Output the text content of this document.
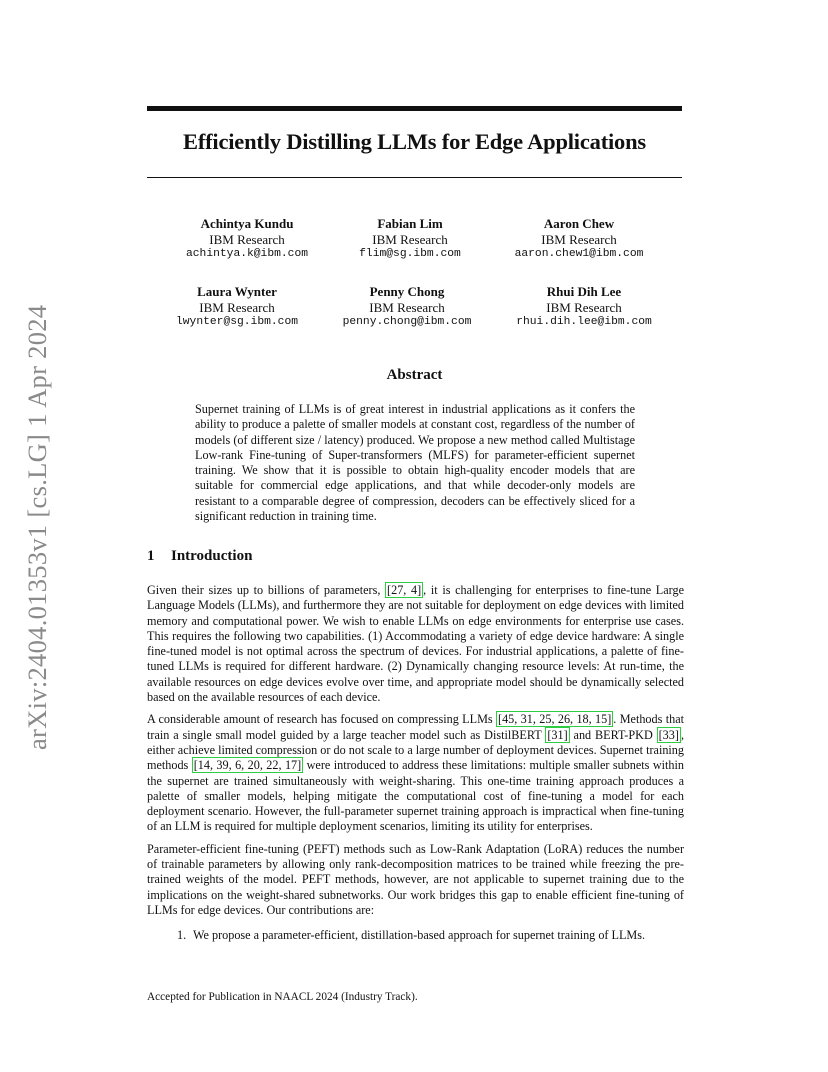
arXiv:2404.01353v1 [cs.LG] 1 Apr 2024
Efficiently Distilling LLMs for Edge Applications
Achintya Kundu
IBM Research
achintya.k@ibm.com
Fabian Lim
IBM Research
flim@sg.ibm.com
Aaron Chew
IBM Research
aaron.chew1@ibm.com
Laura Wynter
IBM Research
lwynter@sg.ibm.com
Penny Chong
IBM Research
penny.chong@ibm.com
Rhui Dih Lee
IBM Research
rhui.dih.lee@ibm.com
Abstract
Supernet training of LLMs is of great interest in industrial applications as it confers the ability to produce a palette of smaller models at constant cost, regardless of the number of models (of different size / latency) produced. We propose a new method called Multistage Low-rank Fine-tuning of Super-transformers (MLFS) for parameter-efficient supernet training. We show that it is possible to obtain high-quality encoder models that are suitable for commercial edge applications, and that while decoder-only models are resistant to a comparable degree of compression, decoders can be effectively sliced for a significant reduction in training time.
1 Introduction

Given their sizes up to billions of parameters, [27, 4] , it is challenging for enterprises to fine-tune Large Language Models (LLMs), and furthermore they are not suitable for deployment on edge devices with limited memory and computational power. We wish to enable LLMs on edge environments for enterprise use cases. This requires the following two capabilities. (1) Accommodating a variety of edge device hardware: A single fine-tuned model is not optimal across the spectrum of devices. For industrial applications, a palette of fine-tuned LLMs is required for different hardware. (2) Dynamically changing resource levels: At run-time, the available resources on edge devices evolve over time, and appropriate model should be dynamically selected based on the available resources of each device.

A considerable amount of research has focused on compressing LLMs [45, 31, 25, 26, 18, 15] . Methods that train a single small model guided by a large teacher model such as DistilBERT [31] and BERT-PKD [33] , either achieve limited compression or do not scale to a large number of deployment devices. Supernet training methods [14, 39, 6, 20, 22, 17] were introduced to address these limitations: multiple smaller subnets within the supernet are trained simultaneously with weight-sharing. This one-time training approach produces a palette of smaller models, helping mitigate the computational cost of fine-tuning a model for each deployment scenario. However, the full-parameter supernet training approach is impractical when fine-tuning of an LLM is required for multiple deployment scenarios, limiting its utility for enterprises.

Parameter-efficient fine-tuning (PEFT) methods such as Low-Rank Adaptation (LoRA) reduces the number of trainable parameters by allowing only rank-decomposition matrices to be trained while freezing the pre-trained weights of the model. PEFT methods, however, are not applicable to supernet training due to the implications on the weight-shared subnetworks. Our work bridges this gap to enable efficient fine-tuning of LLMs for edge devices. Our contributions are:

1. We propose a parameter-efficient, distillation-based approach for supernet training of LLMs.
Accepted for Publication in NAACL 2024 (Industry Track).
